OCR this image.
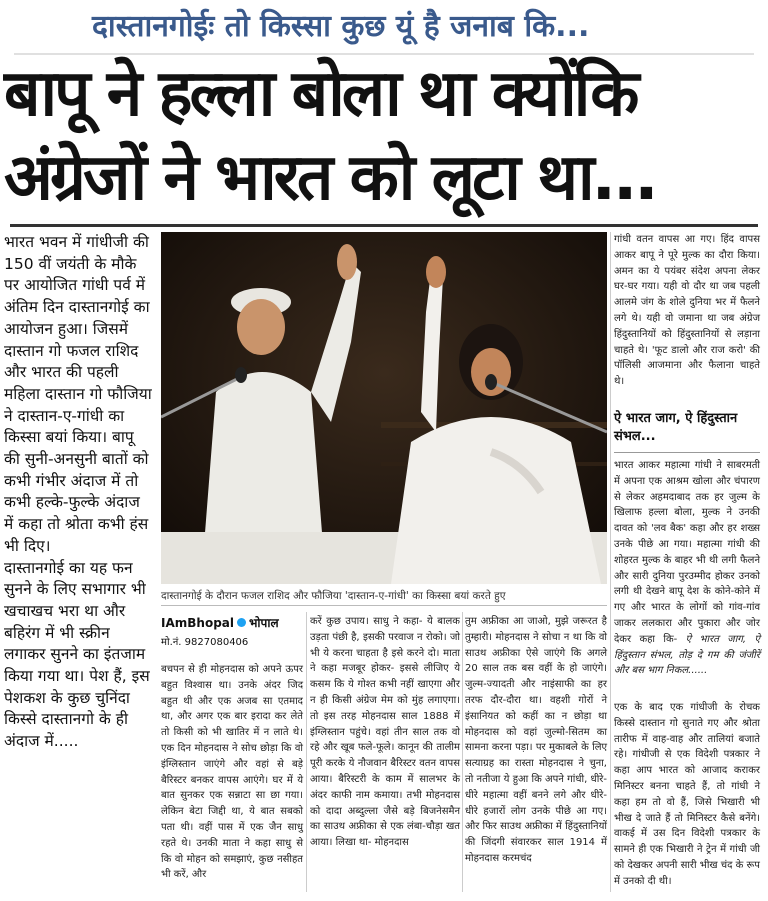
दास्तानगोईः तो किस्सा कुछ यूं है जनाब कि...
बापू ने हल्ला बोला था क्योंकि
अंग्रेजों ने भारत को लूटा था...

भारत भवन में गांधीजी की 150 वीं जयंती के मौके पर आयोजित गांधी पर्व में अंतिम दिन दास्तानगोई का आयोजन हुआ। जिसमें दास्तान गो फजल राशिद और भारत की पहली महिला दास्तान गो फौजिया ने दास्तान-ए-गांधी का किस्सा बयां किया। बापू की सुनी-अनसुनी बातों को कभी गंभीर अंदाज में तो कभी हल्के-फुल्के अंदाज में कहा तो श्रोता कभी हंस भी दिए।

दास्तानगोई का यह फन सुनने के लिए सभागार भी खचाखच भरा था और बहिरंग में भी स्क्रीन लगाकर सुनने का इंतजाम किया गया था। पेश हैं, इस पेशकश के कुछ चुनिंदा किस्से दास्तानगो के ही अंदाज में.....

दास्तानगोई के दौरान फजल राशिद और फौजिया 'दास्तान-ए-गांधी' का किस्सा बयां करते हुए
IAmBhopal भोपाल
मो.नं. 9827080406
बचपन से ही मोहनदास को अपने ऊपर बहुत विश्वास था। उनके अंदर जिद बहुत थी और एक अजब सा एतमाद था, और अगर एक बार इरादा कर लेते तो किसी को भी खातिर में न लाते थे। एक दिन मोहनदास ने सोच छोड़ा कि वो इंग्लिस्तान जाएंगे और वहां से बड़े बैरिस्टर बनकर वापस आएंगे। घर में ये बात सुनकर एक सन्नाटा सा छा गया। लेकिन बेटा जिद्दी था, ये बात सबको पता थी। वहीं पास में एक जैन साधु रहते थे। उनकी माता ने कहा साधु से कि वो मोहन को समझाएं, कुछ नसीहत भी करें, और
करें कुछ उपाय। साधु ने कहा- ये बालक उड़ता पंछी है, इसकी परवाज न रोको। जो भी ये करना चाहता है इसे करने दो। माता ने कहा मजबूर होकर- इससे लीजिए ये कसम कि ये गोश्त कभी नहीं खाएगा और न ही किसी अंग्रेज मेम को मुंह लगाएगा। तो इस तरह मोहनदास साल 1888 में इंग्लिस्तान पहुंचे। वहां तीन साल तक वो रहे और खूब फले-फूले। कानून की तालीम पूरी करके ये नौजवान बैरिस्टर वतन वापस आया। बैरिस्टरी के काम में सालभर के अंदर काफी नाम कमाया। तभी मोहनदास को दादा अब्दुल्ला जैसे बड़े बिजनेसमैन का साउथ अफ्रीका से एक लंबा-चौड़ा खत आया। लिखा था- मोहनदास
तुम अफ्रीका आ जाओ, मुझे जरूरत है तुम्हारी। मोहनदास ने सोचा न था कि वो साउथ अफ्रीका ऐसे जाएंगे कि अगले 20 साल तक बस वहीं के हो जाएंगे। जुल्म-ज्यादती और नाइंसाफी का हर तरफ दौर-दौरा था। वहशी गोरों ने इंसानियत को कहीं का न छोड़ा था मोहनदास को वहां जुल्मो-सितम का सामना करना पड़ा। पर मुकाबले के लिए सत्याग्रह का रास्ता मोहनदास ने चुना, तो नतीजा ये हुआ कि अपने गांधी, धीरे-धीरे महात्मा वहीं बनने लगे और धीरे-धीरे हजारों लोग उनके पीछे आ गए। और फिर साउथ अफ्रीका में हिंदुस्तानियों की जिंदगी संवारकर साल 1914 में मोहनदास करमचंद
गांधी वतन वापस आ गए। हिंद वापस आकर बापू ने पूरे मुल्क का दौरा किया। अमन का ये पयंबर संदेश अपना लेकर घर-घर गया। यही वो दौर था जब पहली आलमे जंग के शोले दुनिया भर में फैलने लगे थे। यही वो जमाना था जब अंग्रेज हिंदुस्तानियों को हिंदुस्तानियों से लड़ाना चाहते थे। 'फूट डालो और राज करो' की पॉलिसी आजमाना और फैलाना चाहते थे।
ऐ भारत जाग, ऐ हिंदुस्तान संभल...
भारत आकर महात्मा गांधी ने साबरमती में अपना एक आश्रम खोला और चंपारण से लेकर अहमदाबाद तक हर जुल्म के खिलाफ हल्ला बोला, मुल्क ने उनकी दावत को 'लव बैक' कहा और हर शख्स उनके पीछे आ गया। महात्मा गांधी की शोहरत मुल्क के बाहर भी थी लगी फैलने और सारी दुनिया पुरउम्मीद होकर उनको लगी थी देखने बापू देश के कोने-कोने में गए और भारत के लोगों को गांव-गांव जाकर ललकारा और पुकारा और जोर देकर कहा कि- ऐ भारत जाग, ऐ हिंदुस्तान संभल, तोड़ दे गम की जंजीरें और बस भाग निकल......
एक के बाद एक गांधीजी के रोचक किस्से दास्तान गो सुनाते गए और श्रोता तारीफ में वाह-वाह और तालियां बजाते रहे। गांधीजी से एक विदेशी पत्रकार ने कहा आप भारत को आजाद कराकर मिनिस्टर बनना चाहते हैं, तो गांधी ने कहा हम तो वो हैं, जिसे भिखारी भी भीख दे जाते हैं तो मिनिस्टर कैसे बनेंगे। वाकई में उस दिन विदेशी पत्रकार के सामने ही एक भिखारी ने ट्रेन में गांधी जी को देखकर अपनी सारी भीख चंद के रूप में उनको दी थी।
